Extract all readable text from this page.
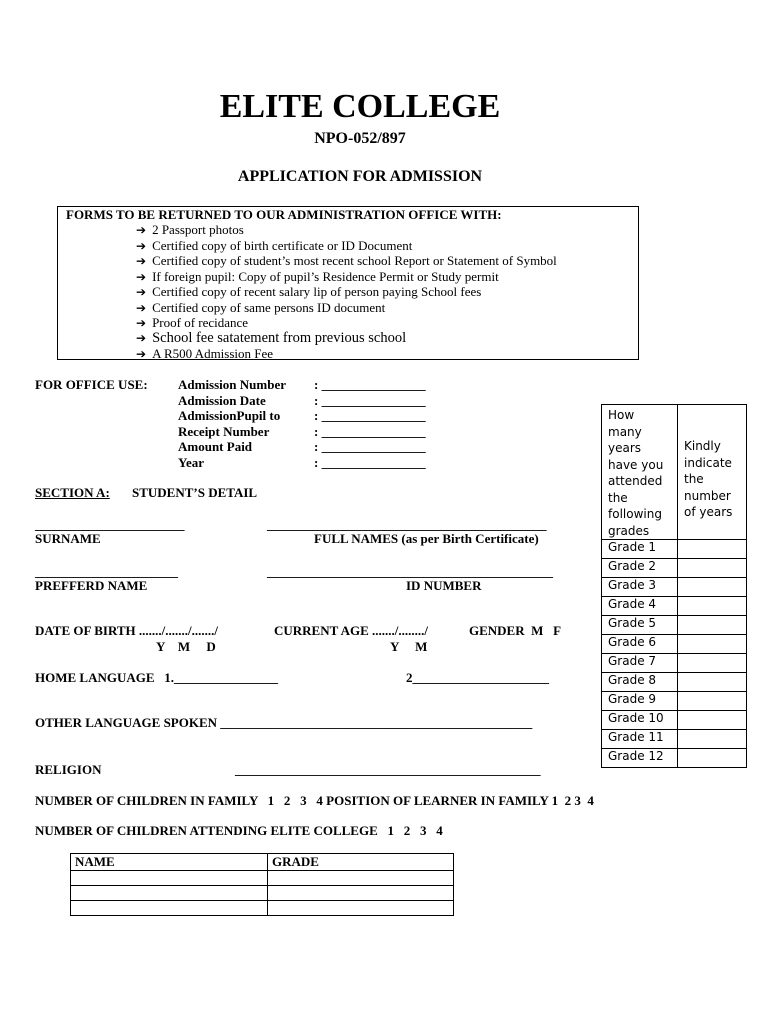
ELITE COLLEGE
NPO-052/897
APPLICATION FOR ADMISSION
FORMS TO BE RETURNED TO OUR ADMINISTRATION OFFICE WITH:
➔ 2 Passport photos
➔ Certified copy of birth certificate or ID Document
➔ Certified copy of student’s most recent school Report or Statement of Symbol
➔ If foreign pupil: Copy of pupil’s Residence Permit or Study permit
➔ Certified copy of recent salary lip of person paying School fees
➔ Certified copy of same persons ID document
➔ Proof of recidance
➔ School fee satatement from previous school
➔ A R500 Admission Fee
FOR OFFICE USE: Admission Number : ________________
Admission Date	: ________________
AdmissionPupil to	: ________________
Receipt Number	: ________________
Amount Paid	: ________________
Year	: ________________
SECTION A: STUDENT’S DETAIL
_______________________
SURNAME
___________________________________________
FULL NAMES (as per Birth Certificate)
______________________
PREFFERD NAME
____________________________________________
ID NUMBER
DATE OF BIRTH ......./......./......./
Y    M     D
CURRENT AGE ......./......../
Y     M
GENDER  M   F
HOME LANGUAGE   1.________________	2_____________________
OTHER LANGUAGE SPOKEN ________________________________________________
RELIGION	_______________________________________________
NUMBER OF CHILDREN IN FAMILY   1   2   3   4 POSITION OF LEARNER IN FAMILY 1  2 3  4
NUMBER OF CHILDREN ATTENDING ELITE COLLEGE   1   2   3   4
How many years have you attended the following grades	Kindly indicate the number of years
Grade 1	
Grade 2	
Grade 3	
Grade 4	
Grade 5	
Grade 6	
Grade 7	
Grade 8	
Grade 9	
Grade 10	
Grade 11	
Grade 12	
NAME	GRADE
